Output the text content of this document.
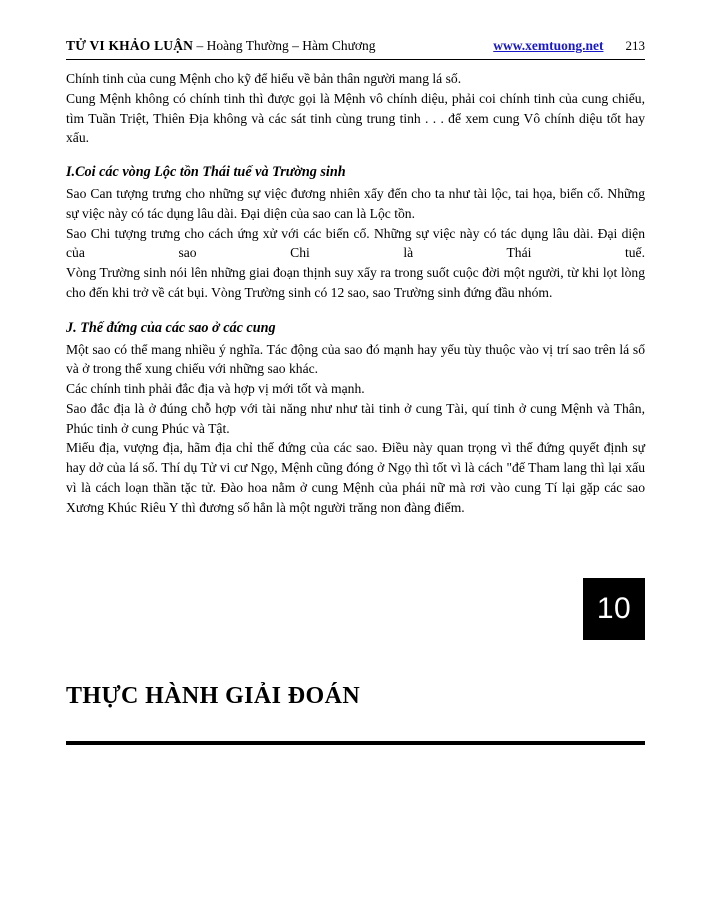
TỬ VI KHẢO LUẬN
– Hoàng Thường – Hàm Chương	www.xemtuong.net 213

Chính tinh của cung Mệnh cho kỹ để hiểu về bản thân người mang lá số.

Cung Mệnh không có chính tinh thì được gọi là Mệnh vô chính diệu, phải coi chính tinh của cung chiếu, tìm Tuần Triệt, Thiên Địa không và các sát tinh cùng trung tinh . . . để xem cung Vô chính diệu tốt hay xấu.

I.Coi các vòng Lộc tồn Thái tuế và Trường sinh

Sao Can tượng trưng cho những sự việc đương nhiên xẩy đến cho ta như tài lộc, tai họa, biến cố. Những sự việc này có tác dụng lâu dài. Đại diện của sao can là Lộc tồn.

Sao Chi tượng trưng cho cách ứng xử với các biến cố. Những sự việc này có tác dụng lâu dài. Đại diện của sao Chi là Thái tuế.

Vòng Trường sinh nói lên những giai đoạn thịnh suy xẩy ra trong suốt cuộc đời một người, từ khi lọt lòng cho đến khi trở về cát bụi. Vòng Trường sinh có 12 sao, sao Trường sinh đứng đầu nhóm.

J. Thế đứng của các sao ở các cung

Một sao có thể mang nhiều ý nghĩa. Tác động của sao đó mạnh hay yếu tùy thuộc vào vị trí sao trên lá số và ở trong thế xung chiếu với những sao khác.

Các chính tinh phải đắc địa và hợp vị mới tốt và mạnh.

Sao đắc địa là ở đúng chỗ hợp với tài năng như như tài tinh ở cung Tài, quí tinh ở cung Mệnh và Thân, Phúc tinh ở cung Phúc và Tật.

Miếu địa, vượng địa, hãm địa chỉ thế đứng của các sao. Điều này quan trọng vì thế đứng quyết định sự hay dở của lá số. Thí dụ Tử vi cư Ngọ, Mệnh cũng đóng ở Ngọ thì tốt vì là cách "đế Tham lang thì lại xấu vì là cách loạn thần tặc tử. Đào hoa nằm ở cung Mệnh của phái nữ mà rơi vào cung Tí lại gặp các sao Xương Khúc Riêu Y thì đương số hẳn là một người trăng non đàng điểm.

10
THỰC HÀNH GIẢI ĐOÁN
